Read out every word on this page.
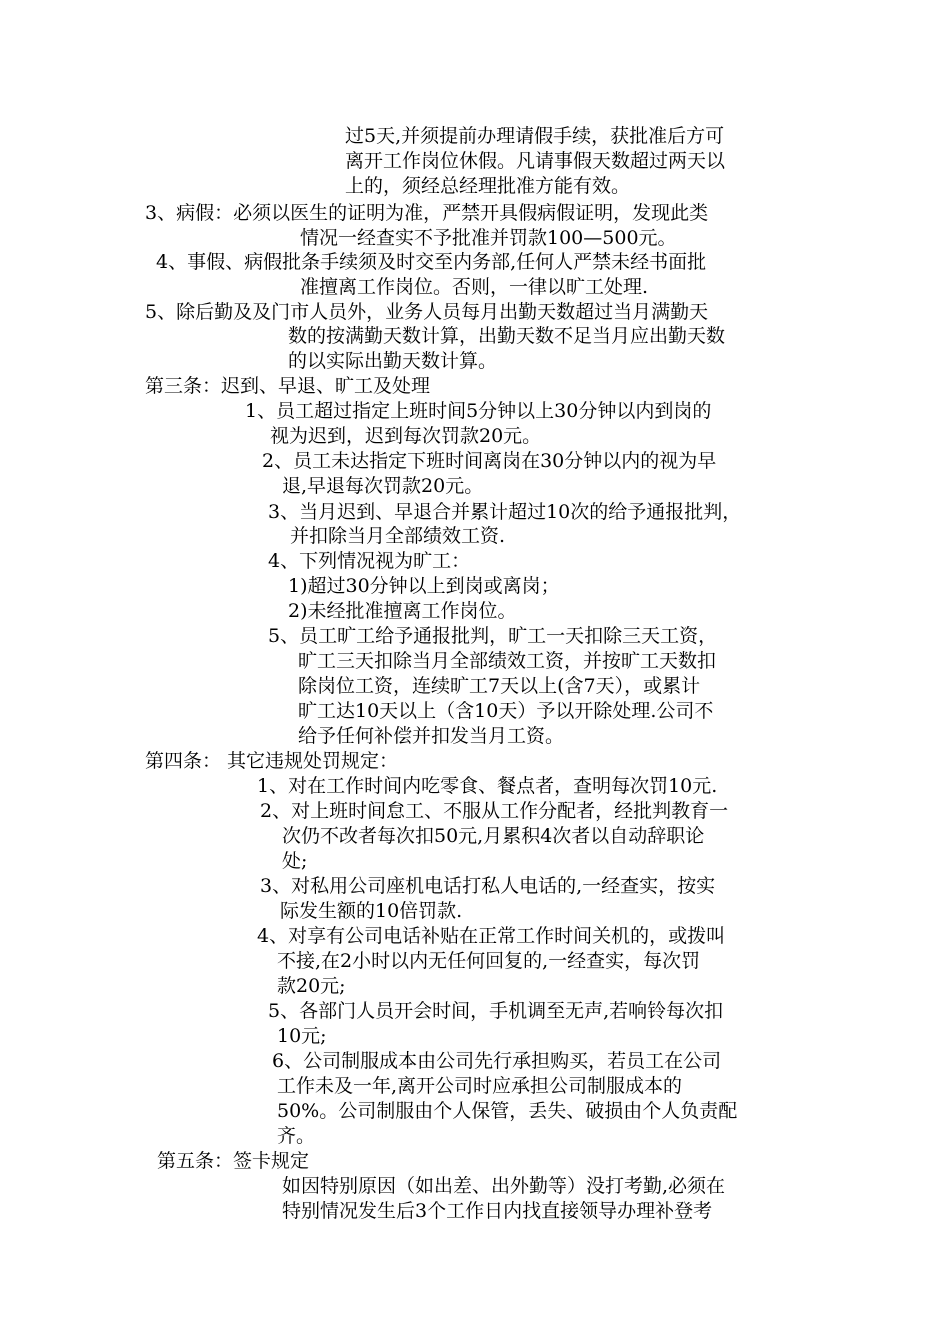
过5天,并须提前办理请假手续，获批准后方可
离开工作岗位休假。凡请事假天数超过两天以
上的，须经总经理批准方能有效。
3、病假：必须以医生的证明为准，严禁开具假病假证明，发现此类
情况一经查实不予批准并罚款100—500元。
4、事假、病假批条手续须及时交至内务部,任何人严禁未经书面批
准擅离工作岗位。否则，一律以旷工处理.
5、除后勤及及门市人员外，业务人员每月出勤天数超过当月满勤天
数的按满勤天数计算，出勤天数不足当月应出勤天数
的以实际出勤天数计算。
第三条：迟到、早退、旷工及处理
1、员工超过指定上班时间5分钟以上30分钟以内到岗的
视为迟到，迟到每次罚款20元。
2、员工未达指定下班时间离岗在30分钟以内的视为早
退,早退每次罚款20元。
3、当月迟到、早退合并累计超过10次的给予通报批判，
并扣除当月全部绩效工资.
4、下列情况视为旷工：
1)超过30分钟以上到岗或离岗；
2)未经批准擅离工作岗位。
5、员工旷工给予通报批判，旷工一天扣除三天工资，
旷工三天扣除当月全部绩效工资，并按旷工天数扣
除岗位工资，连续旷工7天以上(含7天），或累计
旷工达10天以上（含10天）予以开除处理.公司不
给予任何补偿并扣发当月工资。
第四条： 其它违规处罚规定：
1、对在工作时间内吃零食、餐点者，查明每次罚10元.
2、对上班时间怠工、不服从工作分配者，经批判教育一
次仍不改者每次扣50元,月累积4次者以自动辞职论
处;
3、对私用公司座机电话打私人电话的,一经查实，按实
际发生额的10倍罚款.
4、对享有公司电话补贴在正常工作时间关机的，或拨叫
不接,在2小时以内无任何回复的,一经查实，每次罚
款20元;
5、各部门人员开会时间，手机调至无声,若响铃每次扣
10元;
6、公司制服成本由公司先行承担购买，若员工在公司
工作未及一年,离开公司时应承担公司制服成本的
50%。公司制服由个人保管，丢失、破损由个人负责配
齐。
第五条：签卡规定
如因特别原因（如出差、出外勤等）没打考勤,必须在
特别情况发生后3个工作日内找直接领导办理补登考
